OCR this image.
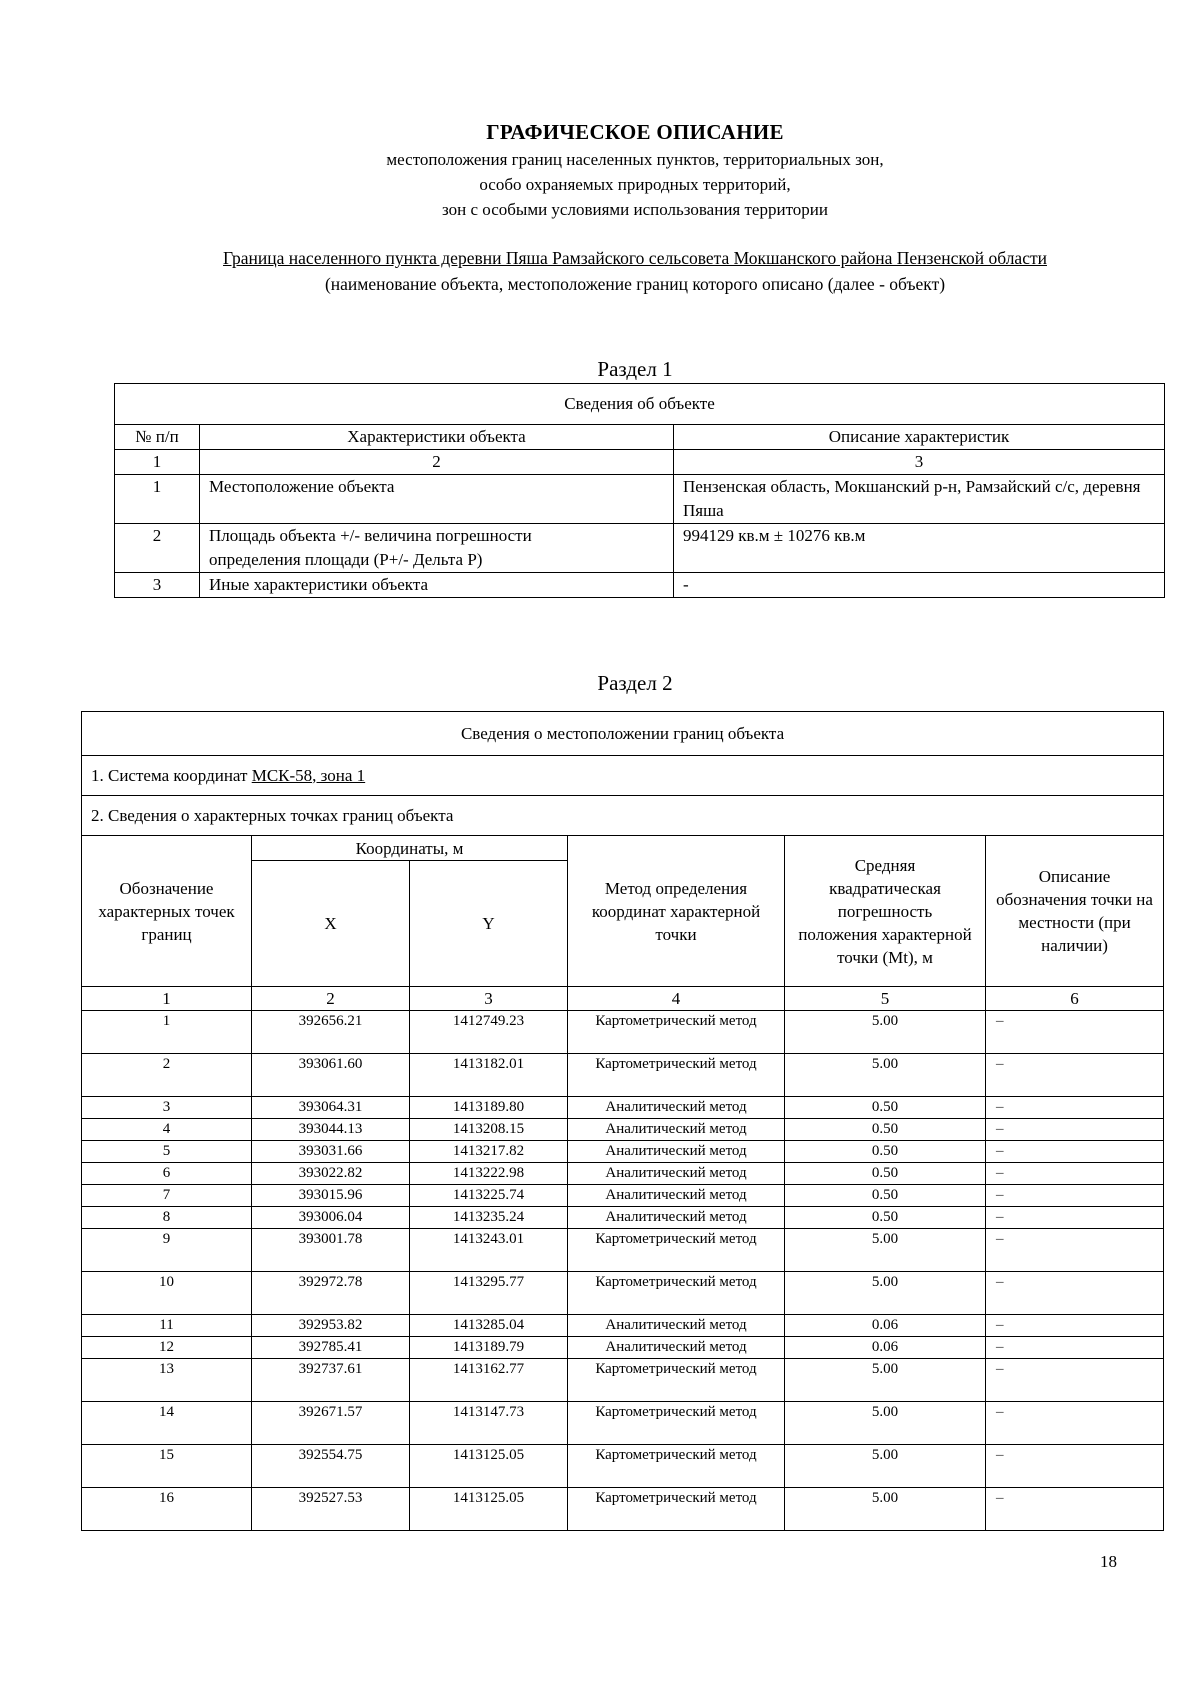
ГРАФИЧЕСКОЕ ОПИСАНИЕ
местоположения границ населенных пунктов, территориальных зон,
особо охраняемых природных территорий,
зон с особыми условиями использования территории
Граница населенного пункта деревни Пяша Рамзайского сельсовета Мокшанского района Пензенской области
(наименование объекта, местоположение границ которого описано (далее - объект)
Раздел 1
Сведения об объекте		
№ п/п	Характеристики объекта	Описание характеристик
1	2	3
1	Местоположение объекта	Пензенская область, Мокшанский р-н, Рамзайский с/с, деревня Пяша
2	Площадь объекта +/- величина погрешности определения площади (Р+/- Дельта Р)	994129 кв.м ± 10276 кв.м
3	Иные характеристики объекта	-
Раздел 2
Сведения о местоположении границ объекта					
1. Система координат МСК-58, зона 1					
2. Сведения о характерных точках границ объекта					
Обозначение характерных точек границ	Координаты, м		Метод определения координат характерной точки	Средняя квадратическая погрешность положения характерной точки (Mt), м	Описание обозначения точки на местности (при наличии)
	X	Y			
1	2	3	4	5	6
1	392656.21	1412749.23	Картометрический метод	5.00	–
2	393061.60	1413182.01	Картометрический метод	5.00	–
3	393064.31	1413189.80	Аналитический метод	0.50	–
4	393044.13	1413208.15	Аналитический метод	0.50	–
5	393031.66	1413217.82	Аналитический метод	0.50	–
6	393022.82	1413222.98	Аналитический метод	0.50	–
7	393015.96	1413225.74	Аналитический метод	0.50	–
8	393006.04	1413235.24	Аналитический метод	0.50	–
9	393001.78	1413243.01	Картометрический метод	5.00	–
10	392972.78	1413295.77	Картометрический метод	5.00	–
11	392953.82	1413285.04	Аналитический метод	0.06	–
12	392785.41	1413189.79	Аналитический метод	0.06	–
13	392737.61	1413162.77	Картометрический метод	5.00	–
14	392671.57	1413147.73	Картометрический метод	5.00	–
15	392554.75	1413125.05	Картометрический метод	5.00	–
16	392527.53	1413125.05	Картометрический метод	5.00	–
18
